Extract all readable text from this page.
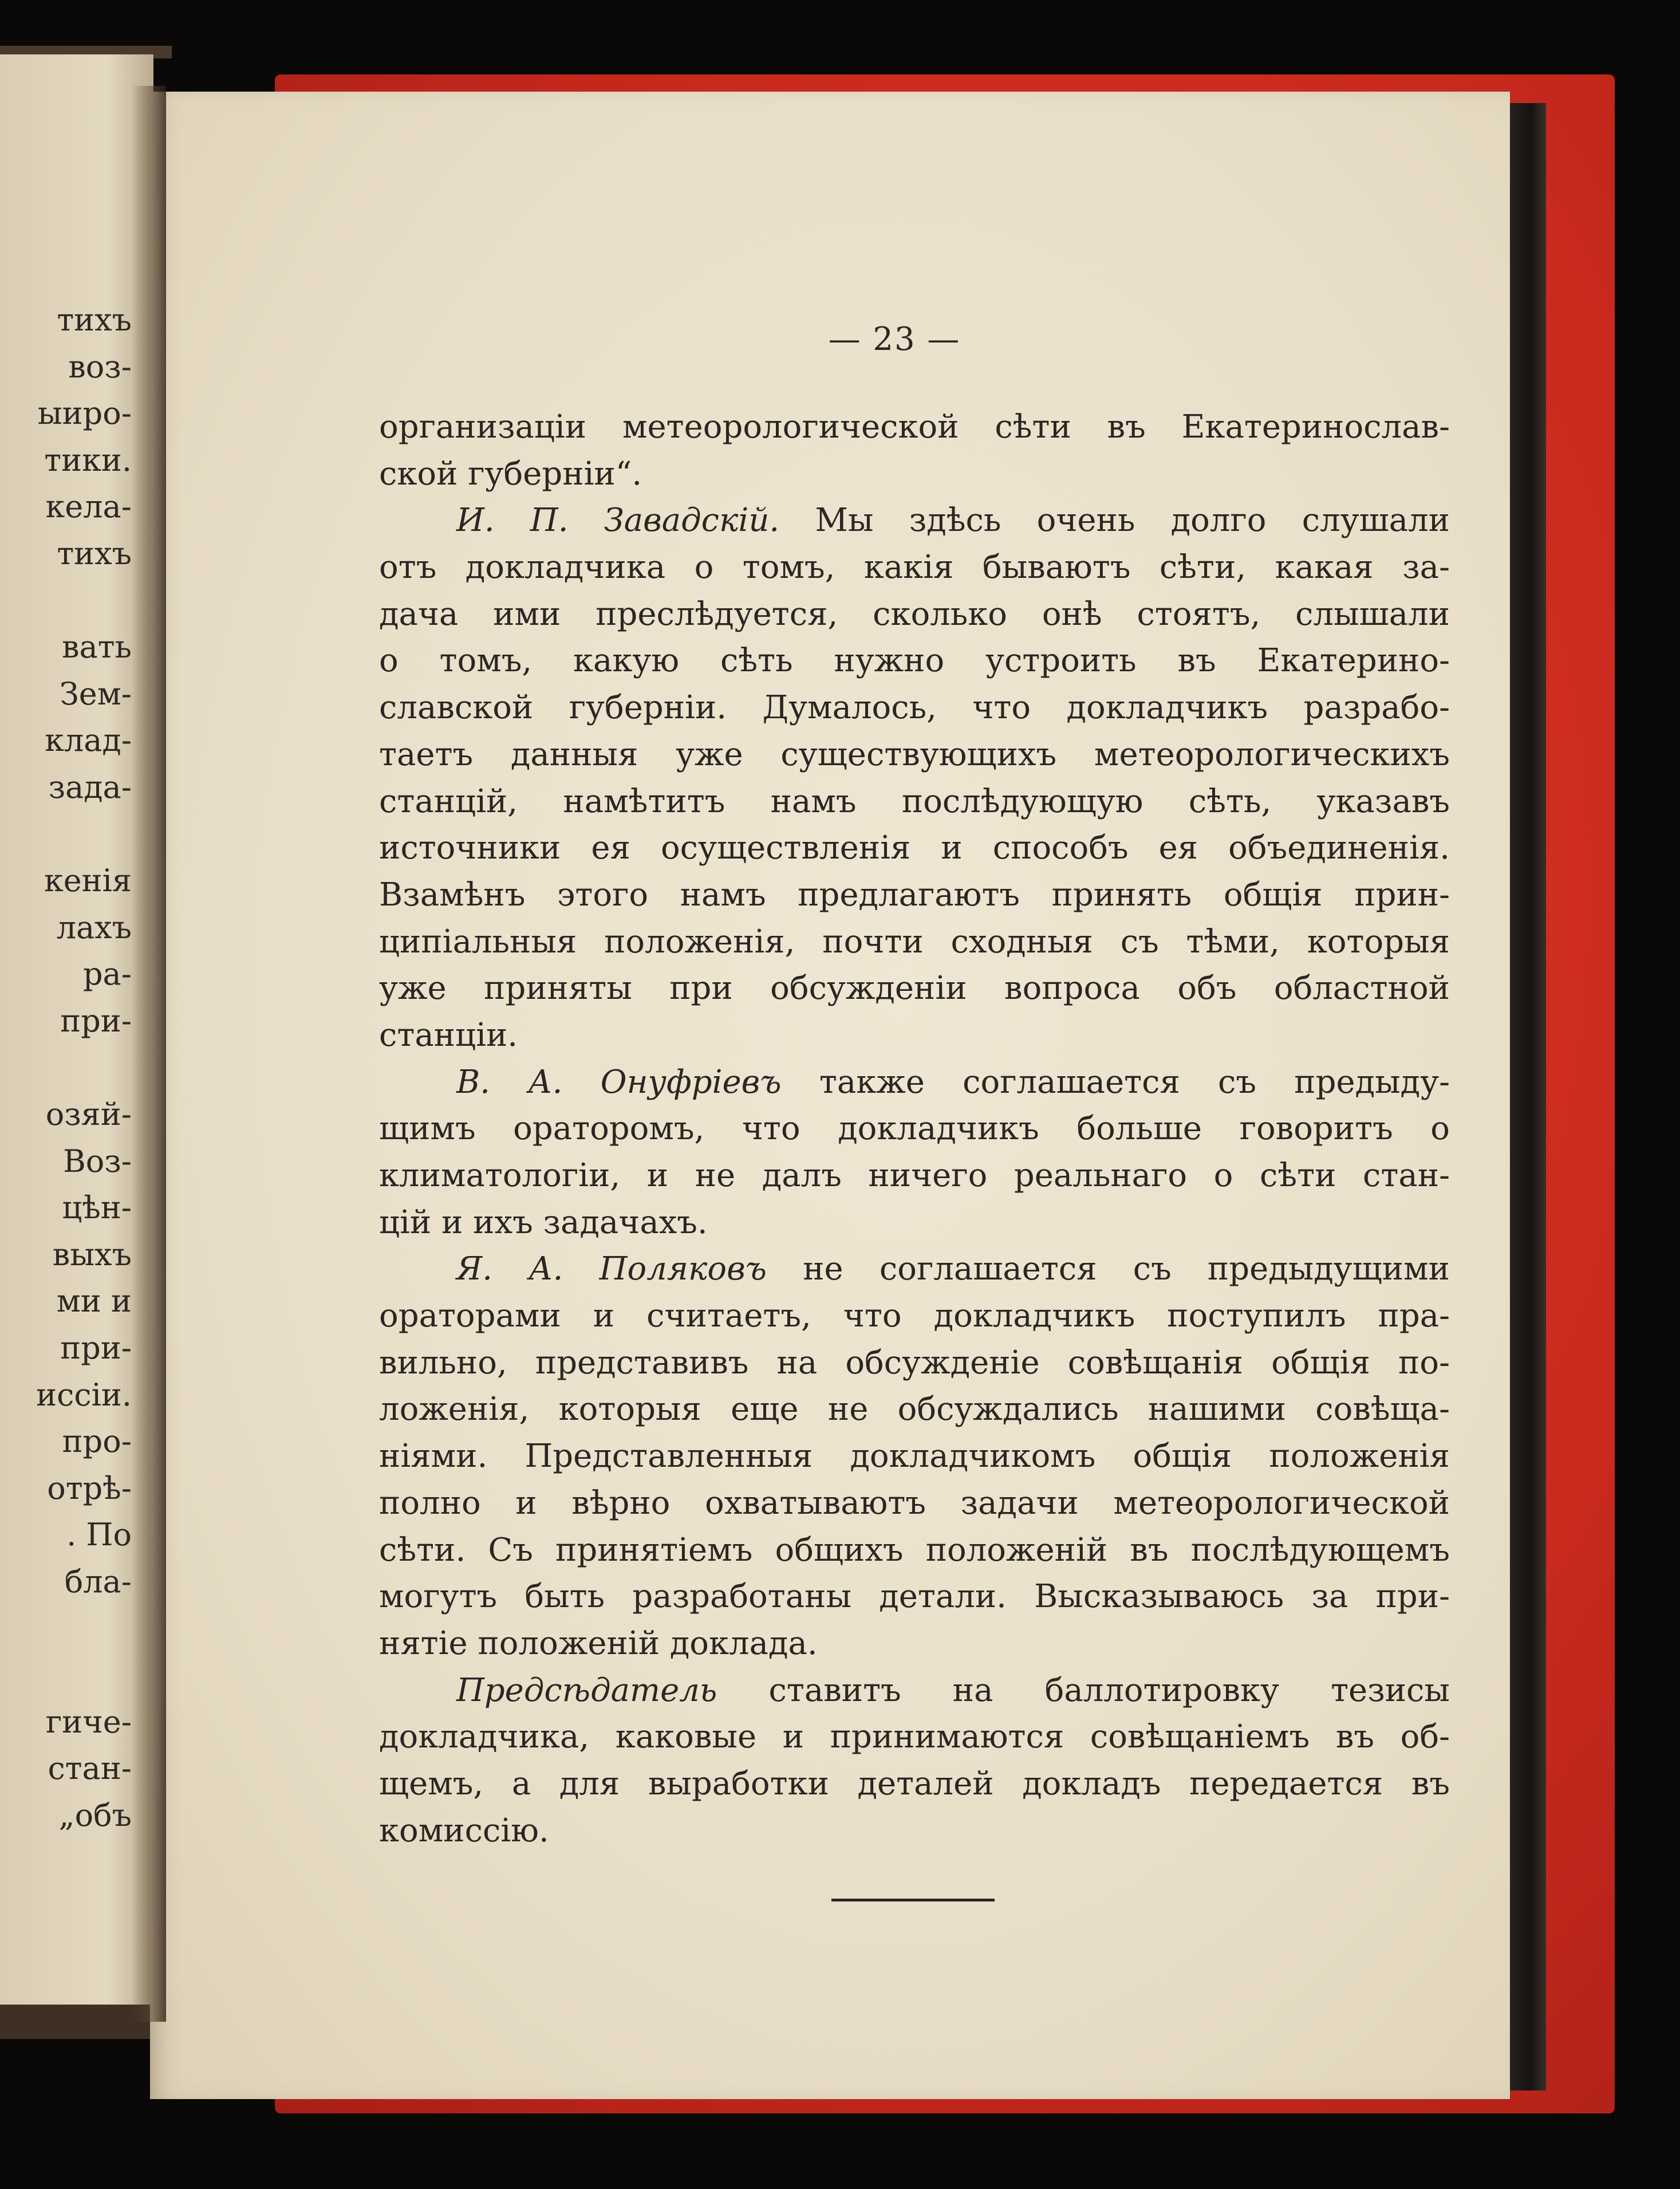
тихъ
воз-
ыиро-
тики.
кела-
тихъ
вать
Зем-
клад-
зада-
кенія
лахъ
ра-
при-
озяй-
Воз-
цѣн-
выхъ
ми и
при-
иссіи.
про-
отрѣ-
. По
бла-
гиче-
стан-
„объ
— 23 —
организаціи метеорологической сѣти въ Екатеринослав-
ской губерніи“.
И. П. Завадскій. Мы здѣсь очень долго слушали
отъ докладчика о томъ, какія бываютъ сѣти, какая за-
дача ими преслѣдуется, сколько онѣ стоятъ, слышали
о томъ, какую сѣть нужно устроить въ Екатерино-
славской губерніи. Думалось, что докладчикъ разрабо-
таетъ данныя уже существующихъ метеорологическихъ
станцій, намѣтитъ намъ послѣдующую сѣть, указавъ
источники ея осуществленія и способъ ея объединенія.
Взамѣнъ этого намъ предлагаютъ принять общія прин-
ципіальныя положенія, почти сходныя съ тѣми, которыя
уже приняты при обсужденіи вопроса объ областной
станціи.
В. А. Онуфріевъ также соглашается съ предыду-
щимъ ораторомъ, что докладчикъ больше говоритъ о
климатологіи, и не далъ ничего реальнаго о сѣти стан-
цій и ихъ задачахъ.
Я. А. Поляковъ не соглашается съ предыдущими
ораторами и считаетъ, что докладчикъ поступилъ пра-
вильно, представивъ на обсужденіе совѣщанія общія по-
ложенія, которыя еще не обсуждались нашими совѣща-
ніями. Представленныя докладчикомъ общія положенія
полно и вѣрно охватываютъ задачи метеорологической
сѣти. Съ принятіемъ общихъ положеній въ послѣдующемъ
могутъ быть разработаны детали. Высказываюсь за при-
нятіе положеній доклада.
Предсѣдатель ставитъ на баллотировку тезисы
докладчика, каковые и принимаются совѣщаніемъ въ об-
щемъ, а для выработки деталей докладъ передается въ
комиссію.
